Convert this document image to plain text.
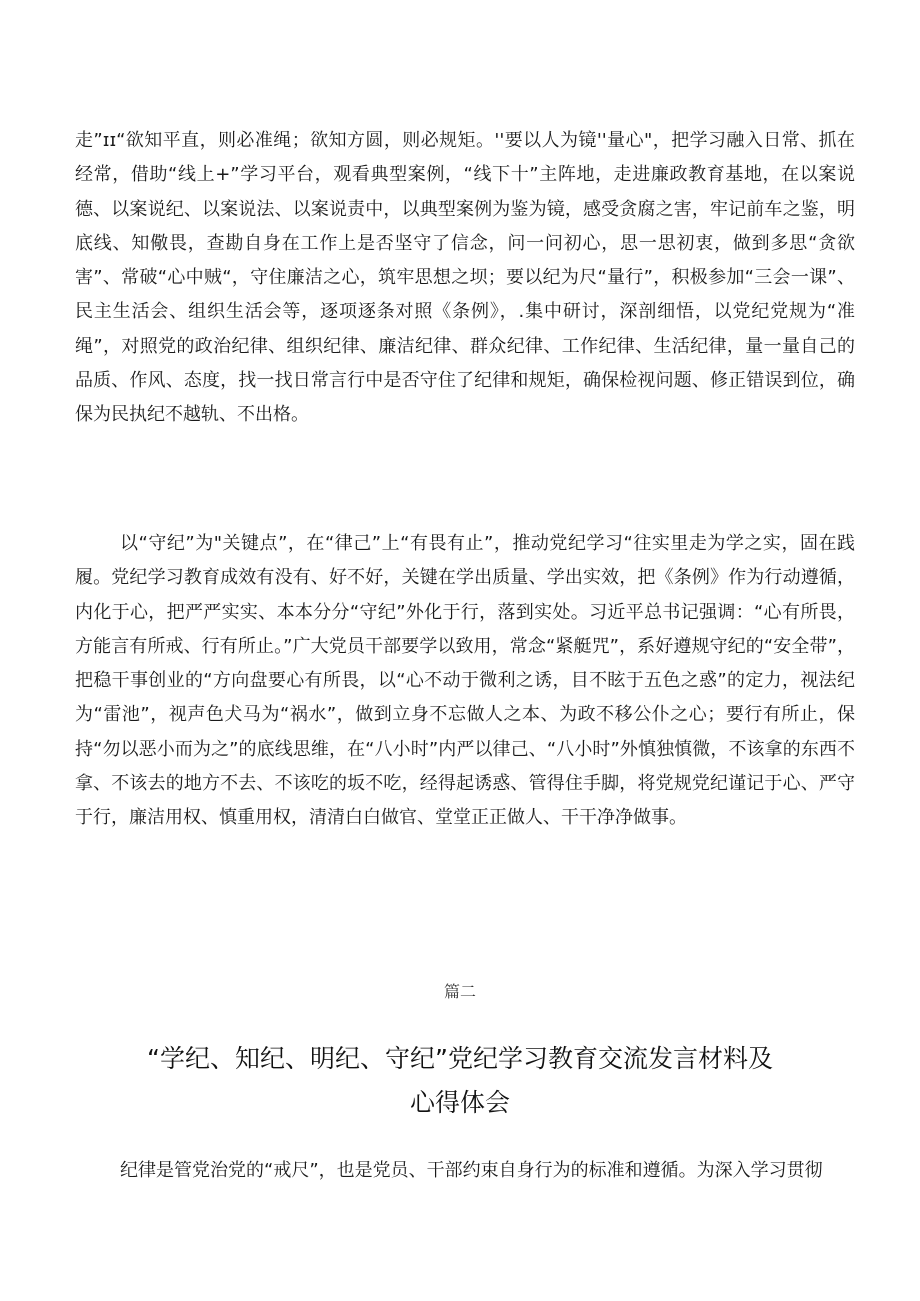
走”ɪɪ“欲知平直，则必准绳；欲知方圆，则必规矩。''要以人为镜''量心"，把学习融入日常、抓在经常，借助“线上+”学习平台，观看典型案例，“线下十”主阵地，走进廉政教育基地，在以案说德、以案说纪、以案说法、以案说责中，以典型案例为鉴为镜，感受贪腐之害，牢记前车之鉴，明底线、知儆畏，查勘自身在工作上是否坚守了信念，问一问初心，思一思初衷，做到多思“贪欲害”、常破“心中贼“，守住廉洁之心，筑牢思想之坝；要以纪为尺“量行”，积极参加“三会一课”、民主生活会、组织生活会等，逐项逐条对照《条例》，.集中研讨，深剖细悟，以党纪党规为“准绳”，对照党的政治纪律、组织纪律、廉洁纪律、群众纪律、工作纪律、生活纪律，量一量自己的品质、作风、态度，找一找日常言行中是否守住了纪律和规矩，确保检视问题、修正错误到位，确保为民执纪不越轨、不出格。

以“守纪”为"关键点”，在“律己”上“有畏有止”，推动党纪学习“往实里走为学之实，固在践履。党纪学习教育成效有没有、好不好，关键在学出质量、学出实效，把《条例》作为行动遵循，内化于心，把严严实实、本本分分“守纪”外化于行，落到实处。习近平总书记强调：“心有所畏，方能言有所戒、行有所止。”广大党员干部要学以致用，常念“紧艇咒”，系好遵规守纪的“安全带”，把稳干事创业的“方向盘要心有所畏，以“心不动于微利之诱，目不眩于五色之惑”的定力，视法纪为“雷池”，视声色犬马为“祸水”，做到立身不忘做人之本、为政不移公仆之心；要行有所止，保持“勿以恶小而为之”的底线思维，在“八小时”内严以律己、“八小时”外慎独慎微，不该拿的东西不拿、不该去的地方不去、不该吃的坂不吃，经得起诱惑、管得住手脚，将党规党纪谨记于心、严守于行，廉洁用权、慎重用权，清清白白做官、堂堂正正做人、干干净净做事。

篇二
“学纪、知纪、明纪、守纪”党纪学习教育交流发言材料及
心得体会

纪律是管党治党的“戒尺”，也是党员、干部约束自身行为的标准和遵循。为深入学习贯彻
